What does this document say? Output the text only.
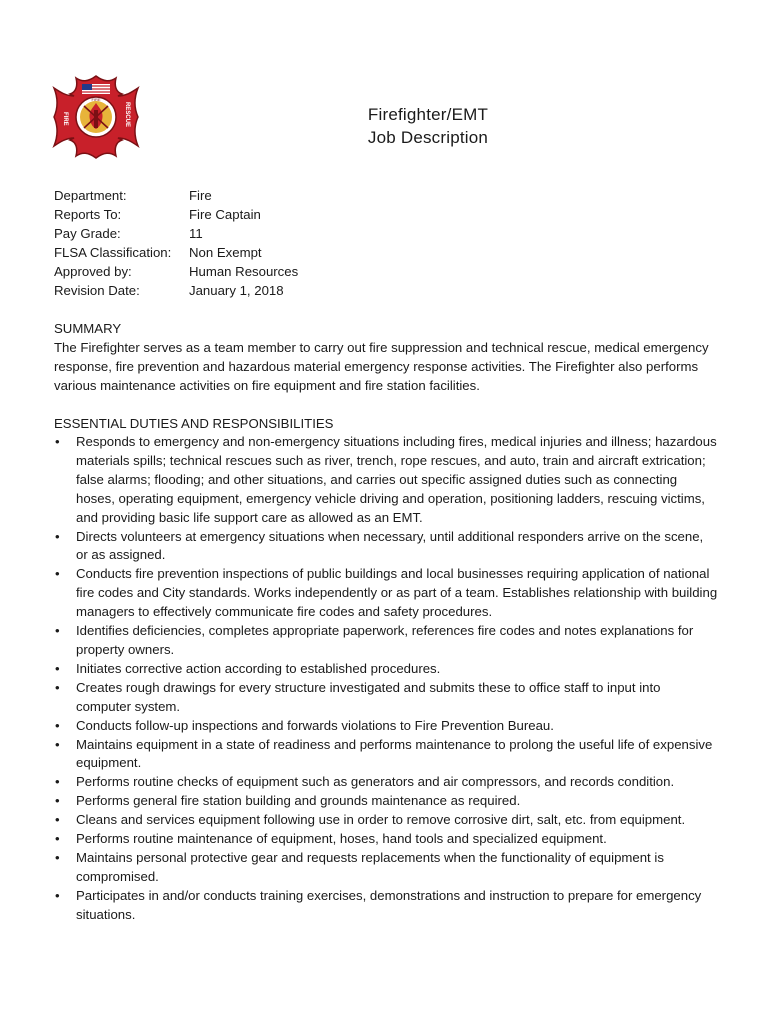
FIRE	RESCUE
FIRE
Firefighter/EMT
Job Description
Department:	Fire
Reports To:	Fire Captain
Pay Grade:	11
FLSA Classification:	Non Exempt
Approved by:	Human Resources
Revision Date:	January 1, 2018
SUMMARY

The Firefighter serves as a team member to carry out fire suppression and technical rescue, medical emergency response, fire prevention and hazardous material emergency response activities. The Firefighter also performs various maintenance activities on fire equipment and fire station facilities.

ESSENTIAL DUTIES AND RESPONSIBILITIES
• Responds to emergency and non-emergency situations including fires, medical injuries and illness; hazardous materials spills; technical rescues such as river, trench, rope rescues, and auto, train and aircraft extrication; false alarms; flooding; and other situations, and carries out specific assigned duties such as connecting hoses, operating equipment, emergency vehicle driving and operation, positioning ladders, rescuing victims, and providing basic life support care as allowed as an EMT.
• Directs volunteers at emergency situations when necessary, until additional responders arrive on the scene, or as assigned.
• Conducts fire prevention inspections of public buildings and local businesses requiring application of national fire codes and City standards. Works independently or as part of a team. Establishes relationship with building managers to effectively communicate fire codes and safety procedures.
• Identifies deficiencies, completes appropriate paperwork, references fire codes and notes explanations for property owners.
• Initiates corrective action according to established procedures.
• Creates rough drawings for every structure investigated and submits these to office staff to input into computer system.
• Conducts follow-up inspections and forwards violations to Fire Prevention Bureau.
• Maintains equipment in a state of readiness and performs maintenance to prolong the useful life of expensive equipment.
• Performs routine checks of equipment such as generators and air compressors, and records condition.
• Performs general fire station building and grounds maintenance as required.
• Cleans and services equipment following use in order to remove corrosive dirt, salt, etc. from equipment.
• Performs routine maintenance of equipment, hoses, hand tools and specialized equipment.
• Maintains personal protective gear and requests replacements when the functionality of equipment is compromised.
• Participates in and/or conducts training exercises, demonstrations and instruction to prepare for emergency situations.
